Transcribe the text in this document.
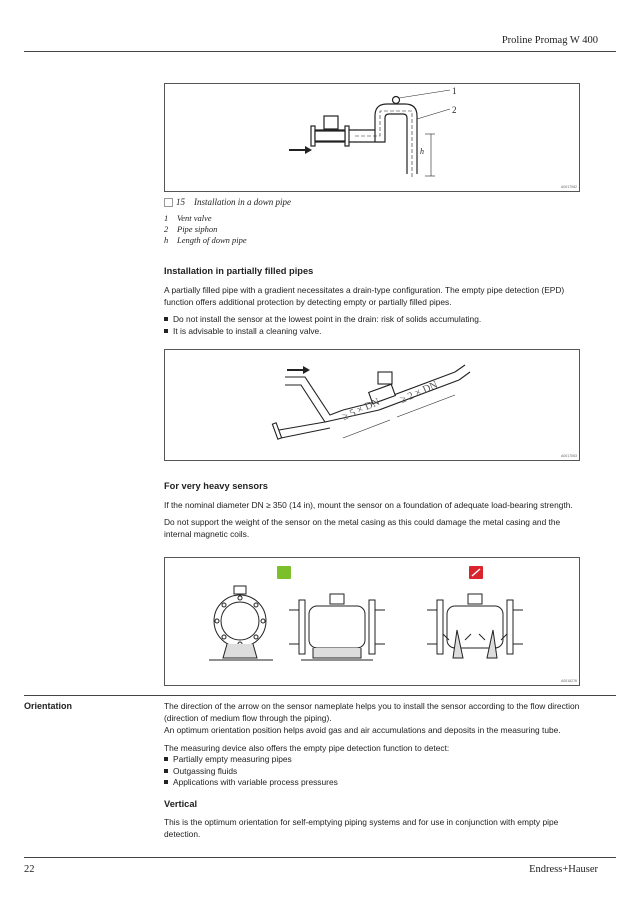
Proline Promag W 400
1
2
h
A0017062
15 Installation in a down pipe
1 Vent valve
2 Pipe siphon
h Length of down pipe
Installation in partially filled pipes
A partially filled pipe with a gradient necessitates a drain-type configuration. The empty pipe detection (EPD)
function offers additional protection by detecting empty or partially filled pipes.
Do not install the sensor at the lowest point in the drain: risk of solids accumulating.
It is advisable to install a cleaning valve.
≥ 5 × DN
≥ 2 × DN
A0017063
For very heavy sensors
If the nominal diameter DN ≥ 350 (14 in), mount the sensor on a foundation of adequate load-bearing strength.
Do not support the weight of the sensor on the metal casing as this could damage the metal casing and the
internal magnetic coils.
A0016276
Orientation	The direction of the arrow on the sensor nameplate helps you to install the sensor according to the flow direction
(direction of medium flow through the piping).
An optimum orientation position helps avoid gas and air accumulations and deposits in the measuring tube.
The measuring device also offers the empty pipe detection function to detect:
Partially empty measuring pipes
Outgassing fluids
Applications with variable process pressures
Vertical
This is the optimum orientation for self-emptying piping systems and for use in conjunction with empty pipe
detection.
22	Endress+Hauser
